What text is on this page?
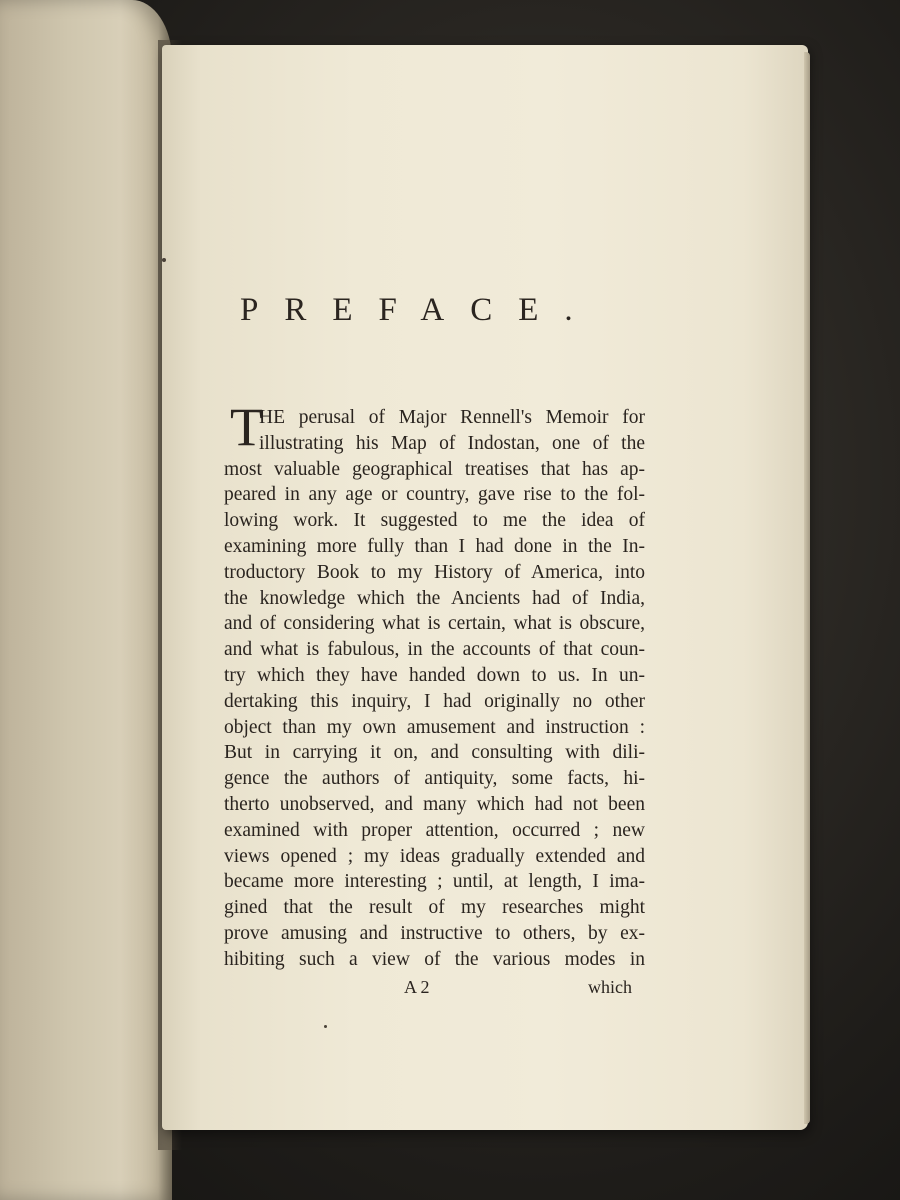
PREFACE.
T
HE perusal of Major Rennell's Memoir for
illustrating his Map of Indostan, one of the
most valuable geographical treatises that has ap-
peared in any age or country, gave rise to the fol-
lowing work. It suggested to me the idea of
examining more fully than I had done in the In-
troductory Book to my History of America, into
the knowledge which the Ancients had of India,
and of considering what is certain, what is obscure,
and what is fabulous, in the accounts of that coun-
try which they have handed down to us. In un-
dertaking this inquiry, I had originally no other
object than my own amusement and instruction :
But in carrying it on, and consulting with dili-
gence the authors of antiquity, some facts, hi-
therto unobserved, and many which had not been
examined with proper attention, occurred ; new
views opened ; my ideas gradually extended and
became more interesting ; until, at length, I ima-
gined that the result of my researches might
prove amusing and instructive to others, by ex-
hibiting such a view of the various modes in
A 2	which
